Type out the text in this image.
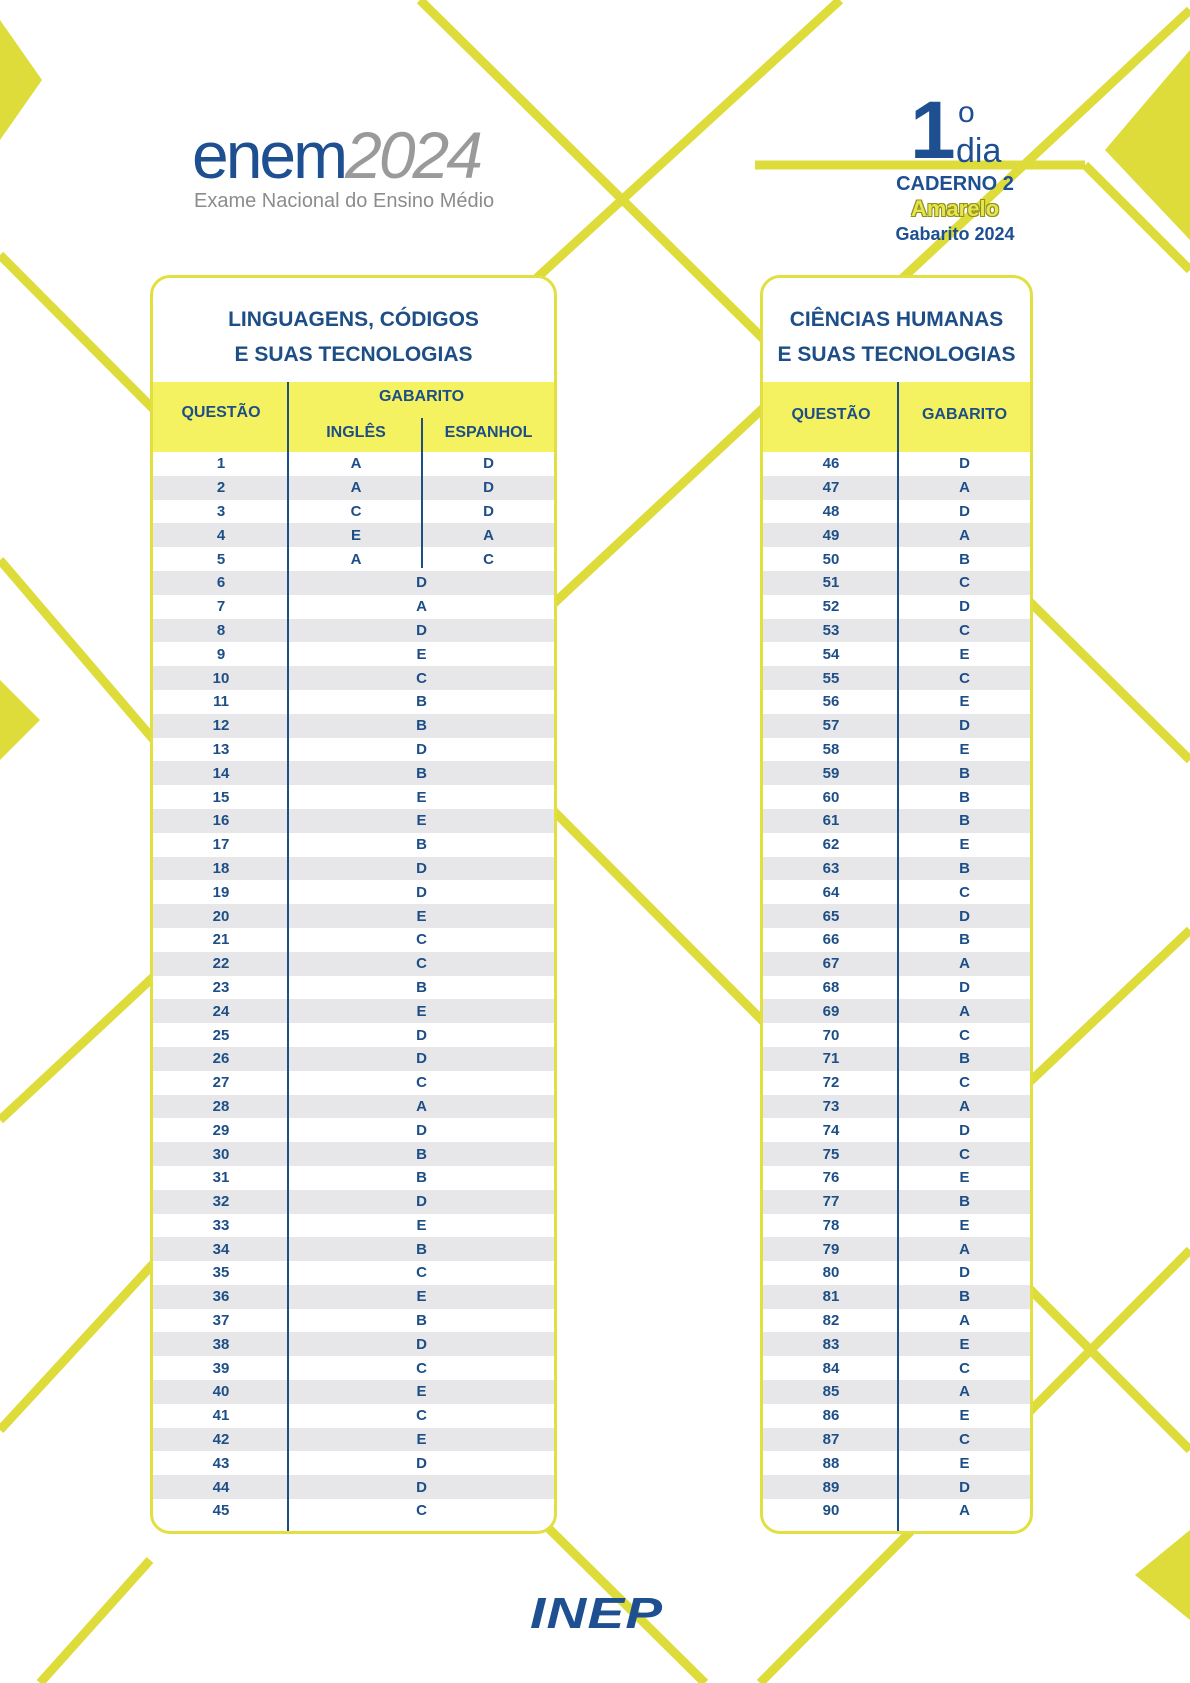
enem2024
Exame Nacional do Ensino Médio
1 o
dia
CADERNO 2
Amarelo
Gabarito 2024
LINGUAGENS, CÓDIGOS
E SUAS TECNOLOGIAS
QUESTÃO
GABARITO
INGLÊS	ESPANHOL
1	A	D
2	A	D
3	C	D
4	E	A
5	A	C
6	D
7	A
8	D
9	E
10	C
11	B
12	B
13	D
14	B
15	E
16	E
17	B
18	D
19	D
20	E
21	C
22	C
23	B
24	E
25	D
26	D
27	C
28	A
29	D
30	B
31	B
32	D
33	E
34	B
35	C
36	E
37	B
38	D
39	C
40	E
41	C
42	E
43	D
44	D
45	C
CIÊNCIAS HUMANAS
E SUAS TECNOLOGIAS
QUESTÃO	GABARITO
46	D
47	A
48	D
49	A
50	B
51	C
52	D
53	C
54	E
55	C
56	E
57	D
58	E
59	B
60	B
61	B
62	E
63	B
64	C
65	D
66	B
67	A
68	D
69	A
70	C
71	B
72	C
73	A
74	D
75	C
76	E
77	B
78	E
79	A
80	D
81	B
82	A
83	E
84	C
85	A
86	E
87	C
88	E
89	D
90	A
INEP
